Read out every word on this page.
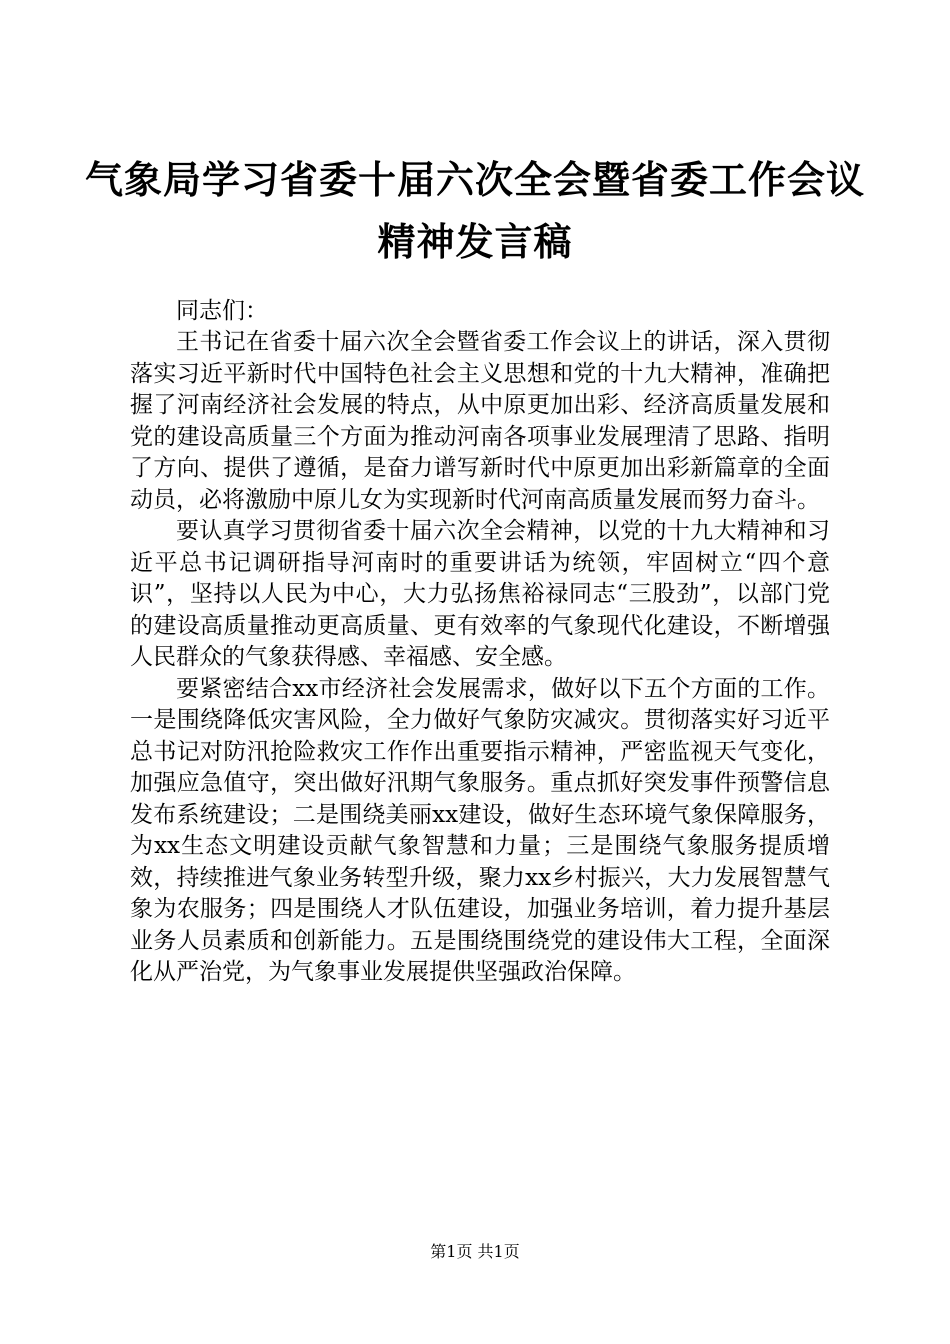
气象局学习省委十届六次全会暨省委工作会议
精神发言稿
同志们：

王书记在省委十届六次全会暨省委工作会议上的讲话，深入贯彻落实习近平新时代中国特色社会主义思想和党的十九大精神，准确把握了河南经济社会发展的特点，从中原更加出彩、经济高质量发展和党的建设高质量三个方面为推动河南各项事业发展理清了思路、指明了方向、提供了遵循，是奋力谱写新时代中原更加出彩新篇章的全面动员，必将激励中原儿女为实现新时代河南高质量发展而努力奋斗。

要认真学习贯彻省委十届六次全会精神，以党的十九大精神和习近平总书记调研指导河南时的重要讲话为统领，牢固树立“四个意识”，坚持以人民为中心，大力弘扬焦裕禄同志“三股劲”，以部门党的建设高质量推动更高质量、更有效率的气象现代化建设，不断增强人民群众的气象获得感、幸福感、安全感。

要紧密结合xx市经济社会发展需求，做好以下五个方面的工作。一是围绕降低灾害风险，全力做好气象防灾减灾。贯彻落实好习近平总书记对防汛抢险救灾工作作出重要指示精神，严密监视天气变化，加强应急值守，突出做好汛期气象服务。重点抓好突发事件预警信息发布系统建设；二是围绕美丽xx建设，做好生态环境气象保障服务，为xx生态文明建设贡献气象智慧和力量；三是围绕气象服务提质增效，持续推进气象业务转型升级，聚力xx乡村振兴，大力发展智慧气象为农服务；四是围绕人才队伍建设，加强业务培训，着力提升基层业务人员素质和创新能力。五是围绕围绕党的建设伟大工程，全面深化从严治党，为气象事业发展提供坚强政治保障。

第1页 共1页
